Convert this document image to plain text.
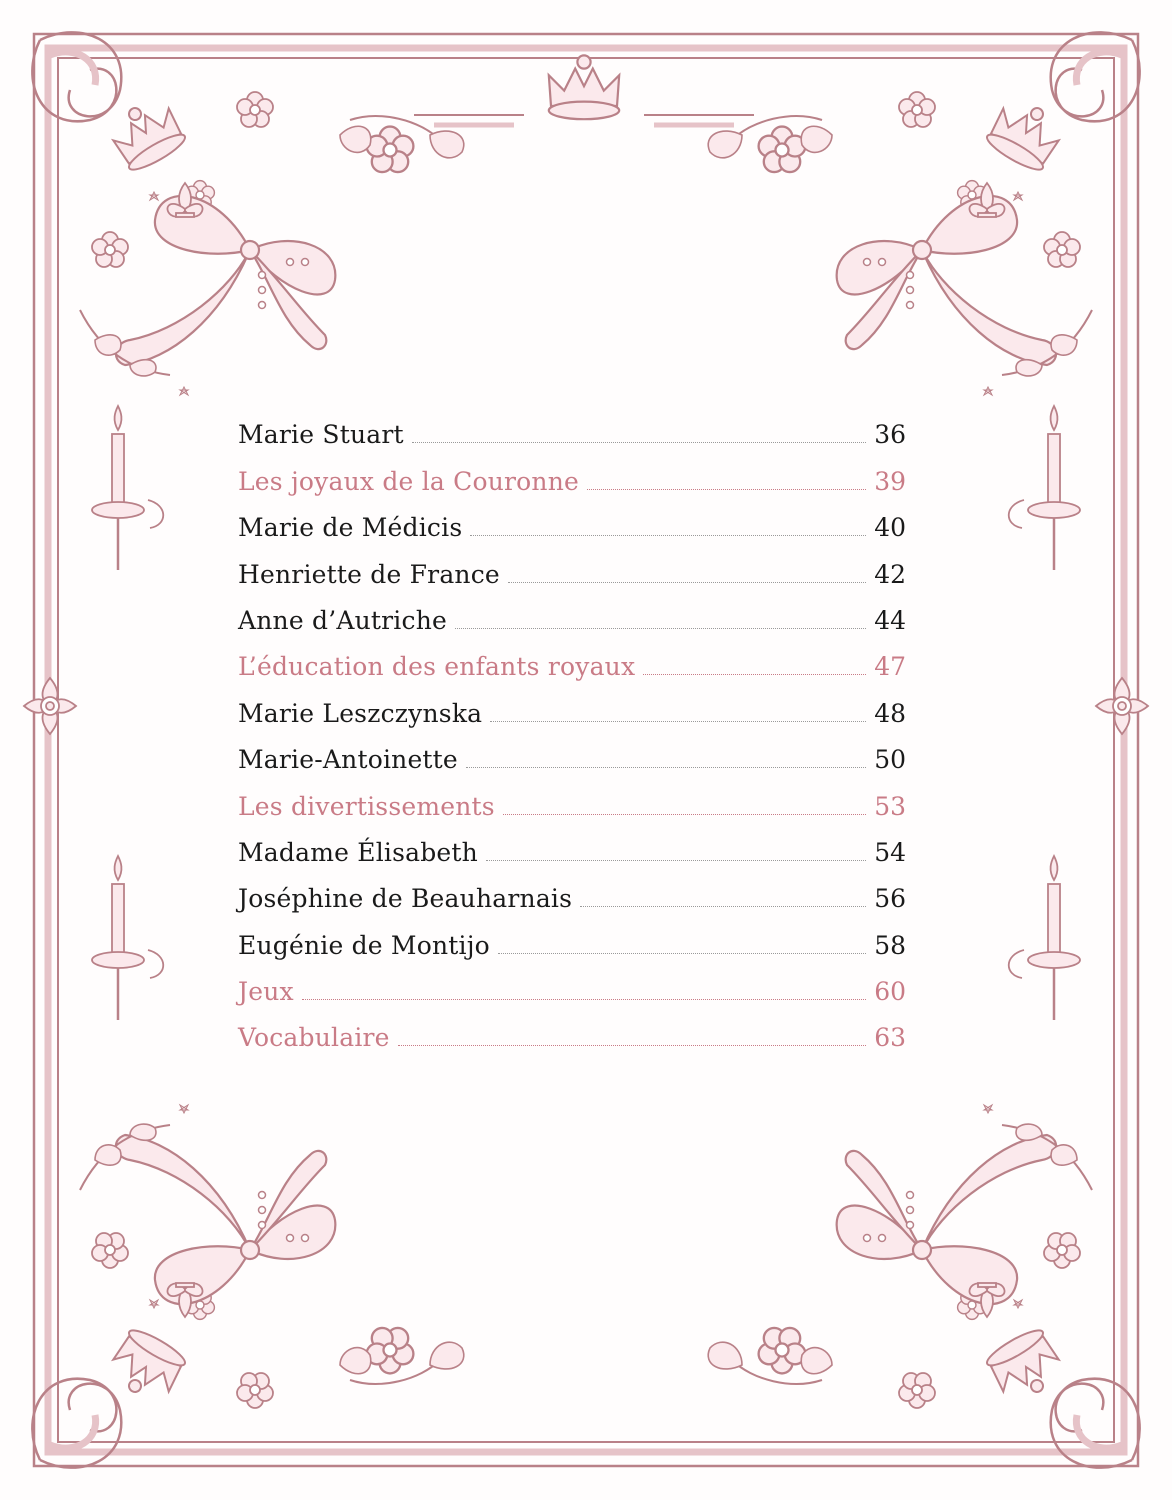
Marie Stuart	36
Les joyaux de la Couronne	39
Marie de Médicis	40
Henriette de France	42
Anne d’Autriche	44
L’éducation des enfants royaux	47
Marie Leszczynska	48
Marie-Antoinette	50
Les divertissements	53
Madame Élisabeth	54
Joséphine de Beauharnais	56
Eugénie de Montijo	58
Jeux	60
Vocabulaire	63
